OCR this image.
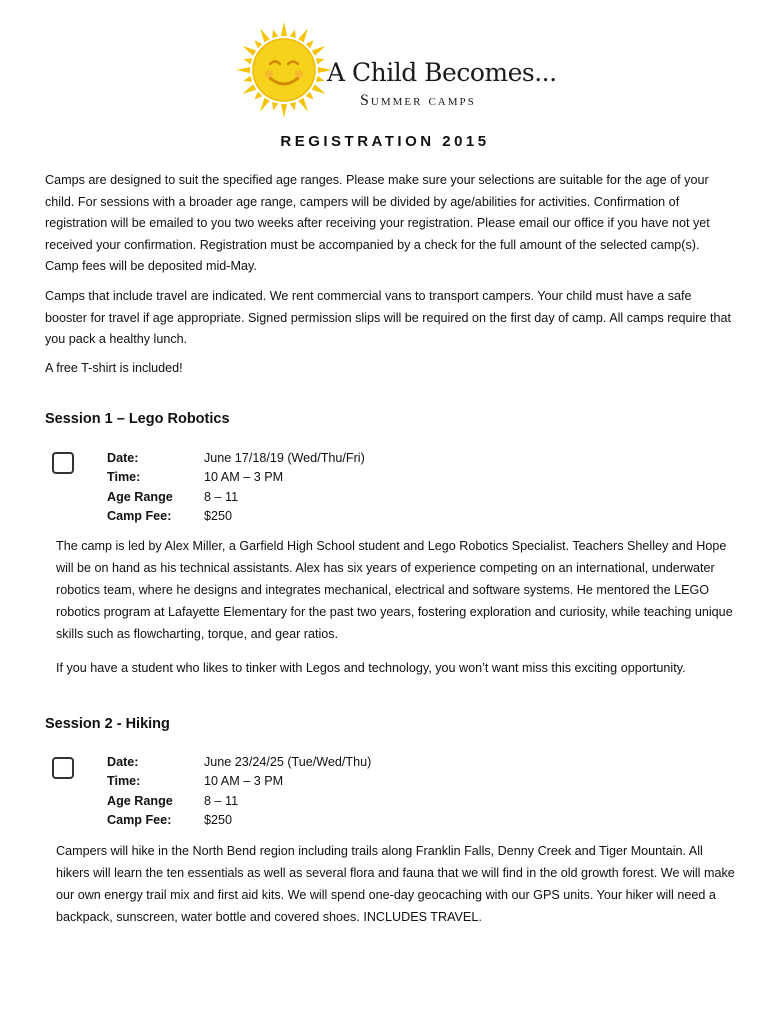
A Child Becomes...
Summer camps
REGISTRATION 2015

Camps are designed to suit the specified age ranges. Please make sure your selections are suitable for the age of your child. For sessions with a broader age range, campers will be divided by age/abilities for activities. Confirmation of registration will be emailed to you two weeks after receiving your registration. Please email our office if you have not yet received your confirmation. Registration must be accompanied by a check for the full amount of the selected camp(s). Camp fees will be deposited mid-May.

Camps that include travel are indicated. We rent commercial vans to transport campers. Your child must have a safe booster for travel if age appropriate. Signed permission slips will be required on the first day of camp. All camps require that you pack a healthy lunch.

A free T-shirt is included!

Session 1 – Lego Robotics
Date:	June 17/18/19 (Wed/Thu/Fri)
Time:	10 AM – 3 PM
Age Range	8 – 11
Camp Fee:	$250

The camp is led by Alex Miller, a Garfield High School student and Lego Robotics Specialist. Teachers Shelley and Hope will be on hand as his technical assistants. Alex has six years of experience competing on an international, underwater robotics team, where he designs and integrates mechanical, electrical and software systems. He mentored the LEGO robotics program at Lafayette Elementary for the past two years, fostering exploration and curiosity, while teaching unique skills such as flowcharting, torque, and gear ratios.

If you have a student who likes to tinker with Legos and technology, you won’t want miss this exciting opportunity.

Session 2 - Hiking
Date:	June 23/24/25 (Tue/Wed/Thu)
Time:	10 AM – 3 PM
Age Range	8 – 11
Camp Fee:	$250

Campers will hike in the North Bend region including trails along Franklin Falls, Denny Creek and Tiger Mountain. All hikers will learn the ten essentials as well as several flora and fauna that we will find in the old growth forest. We will make our own energy trail mix and first aid kits. We will spend one-day geocaching with our GPS units. Your hiker will need a backpack, sunscreen, water bottle and covered shoes. INCLUDES TRAVEL.
